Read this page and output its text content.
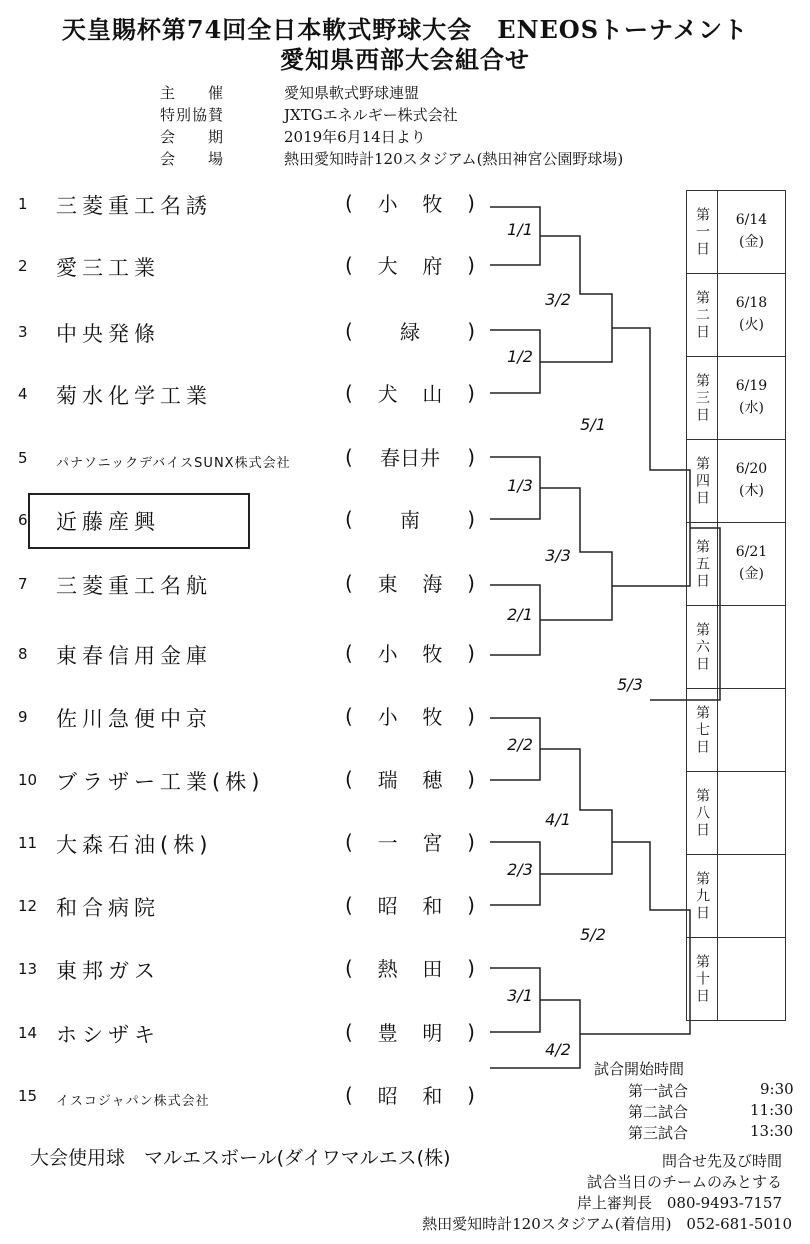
天皇賜杯第74回全日本軟式野球大会　ENEOSトーナメント
愛知県西部大会組合せ
主　　催	愛知県軟式野球連盟
特別協賛	JXTGエネルギー株式会社
会　　期	2019年6月14日より
会　　場	熱田愛知時計120スタジアム(熱田神宮公園野球場)
1	三菱重工名誘	( 小 牧 )
2	愛三工業	( 大 府 )
3	中央発條	( 緑 )
4	菊水化学工業	( 犬 山 )
5	パナソニックデバイスSUNX株式会社	( 春日井 )
6	近藤産興	( 南 )
7	三菱重工名航	( 東 海 )
8	東春信用金庫	( 小 牧 )
9	佐川急便中京	( 小 牧 )
10 ブラザー工業(株)	( 瑞 穂 )
11 大森石油(株)	( 一 宮 )
12 和合病院	( 昭 和 )
13 東邦ガス	( 熱 田 )
14 ホシザキ	( 豊 明 )
15	イスコジャパン株式会社	( 昭 和 )
1/1
1/2
1/3
2/1
2/2
2/3
3/1
3/2
3/3
4/1
4/2
5/1
5/2
5/3
第一日	6/14
(金)
第二日	6/18
(火)
第三日	6/19
(水)
第四日	6/20
(木)
第五日	6/21
(金)
第六日
第七日
第八日
第九日
第十日
試合開始時間
第一試合	9:30
第二試合	11:30
第三試合	13:30
大会使用球　マルエスボール(ダイワマルエス(株)	問合せ先及び時間
試合当日のチームのみとする
岸上審判長　080-9493-7157
熱田愛知時計120スタジアム(着信用)　052-681-5010
